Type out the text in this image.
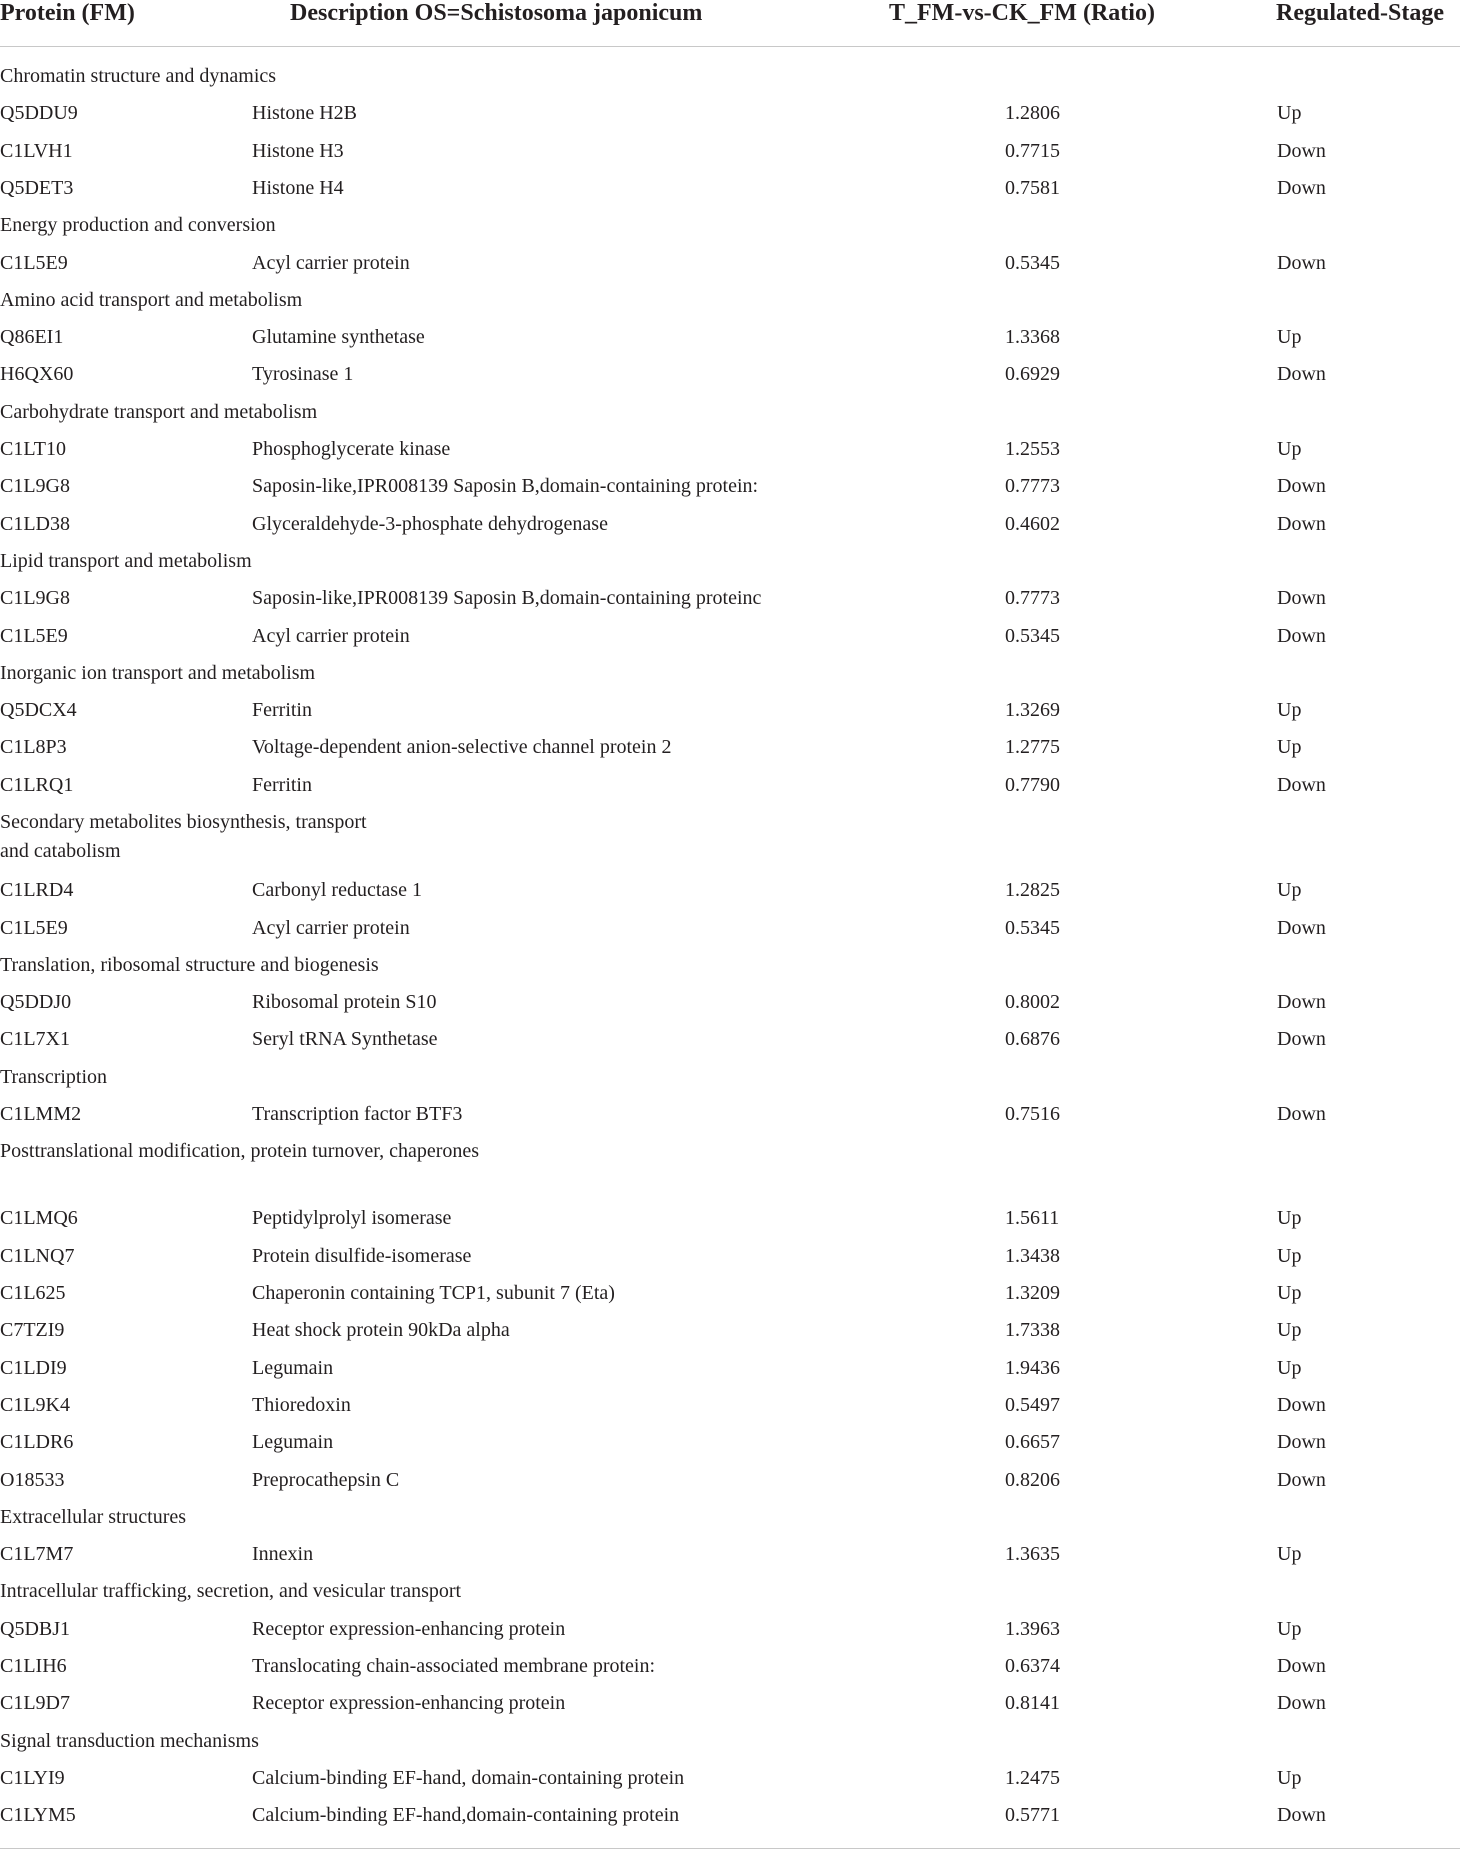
Protein (FM)	Description OS=Schistosoma japonicum	T_FM-vs-CK_FM (Ratio)	Regulated-Stage
Chromatin structure and dynamics
Q5DDU9	Histone H2B	1.2806	Up
C1LVH1	Histone H3	0.7715	Down
Q5DET3	Histone H4	0.7581	Down
Energy production and conversion
C1L5E9	Acyl carrier protein	0.5345	Down
Amino acid transport and metabolism
Q86EI1	Glutamine synthetase	1.3368	Up
H6QX60	Tyrosinase 1	0.6929	Down
Carbohydrate transport and metabolism
C1LT10	Phosphoglycerate kinase	1.2553	Up
C1L9G8	Saposin-like,IPR008139 Saposin B,domain-containing protein:	0.7773	Down
C1LD38	Glyceraldehyde-3-phosphate dehydrogenase	0.4602	Down
Lipid transport and metabolism
C1L9G8	Saposin-like,IPR008139 Saposin B,domain-containing proteinc	0.7773	Down
C1L5E9	Acyl carrier protein	0.5345	Down
Inorganic ion transport and metabolism
Q5DCX4	Ferritin	1.3269	Up
C1L8P3	Voltage-dependent anion-selective channel protein 2	1.2775	Up
C1LRQ1	Ferritin	0.7790	Down
Secondary metabolites biosynthesis, transport
and catabolism
C1LRD4	Carbonyl reductase 1	1.2825	Up
C1L5E9	Acyl carrier protein	0.5345	Down
Translation, ribosomal structure and biogenesis
Q5DDJ0	Ribosomal protein S10	0.8002	Down
C1L7X1	Seryl tRNA Synthetase	0.6876	Down
Transcription
C1LMM2	Transcription factor BTF3	0.7516	Down
Posttranslational modification, protein turnover, chaperones
C1LMQ6	Peptidylprolyl isomerase	1.5611	Up
C1LNQ7	Protein disulfide-isomerase	1.3438	Up
C1L625	Chaperonin containing TCP1, subunit 7 (Eta)	1.3209	Up
C7TZI9	Heat shock protein 90kDa alpha	1.7338	Up
C1LDI9	Legumain	1.9436	Up
C1L9K4	Thioredoxin	0.5497	Down
C1LDR6	Legumain	0.6657	Down
O18533	Preprocathepsin C	0.8206	Down
Extracellular structures
C1L7M7	Innexin	1.3635	Up
Intracellular trafficking, secretion, and vesicular transport
Q5DBJ1	Receptor expression-enhancing protein	1.3963	Up
C1LIH6	Translocating chain-associated membrane protein:	0.6374	Down
C1L9D7	Receptor expression-enhancing protein	0.8141	Down
Signal transduction mechanisms
C1LYI9	Calcium-binding EF-hand, domain-containing protein	1.2475	Up
C1LYM5	Calcium-binding EF-hand,domain-containing protein	0.5771	Down
